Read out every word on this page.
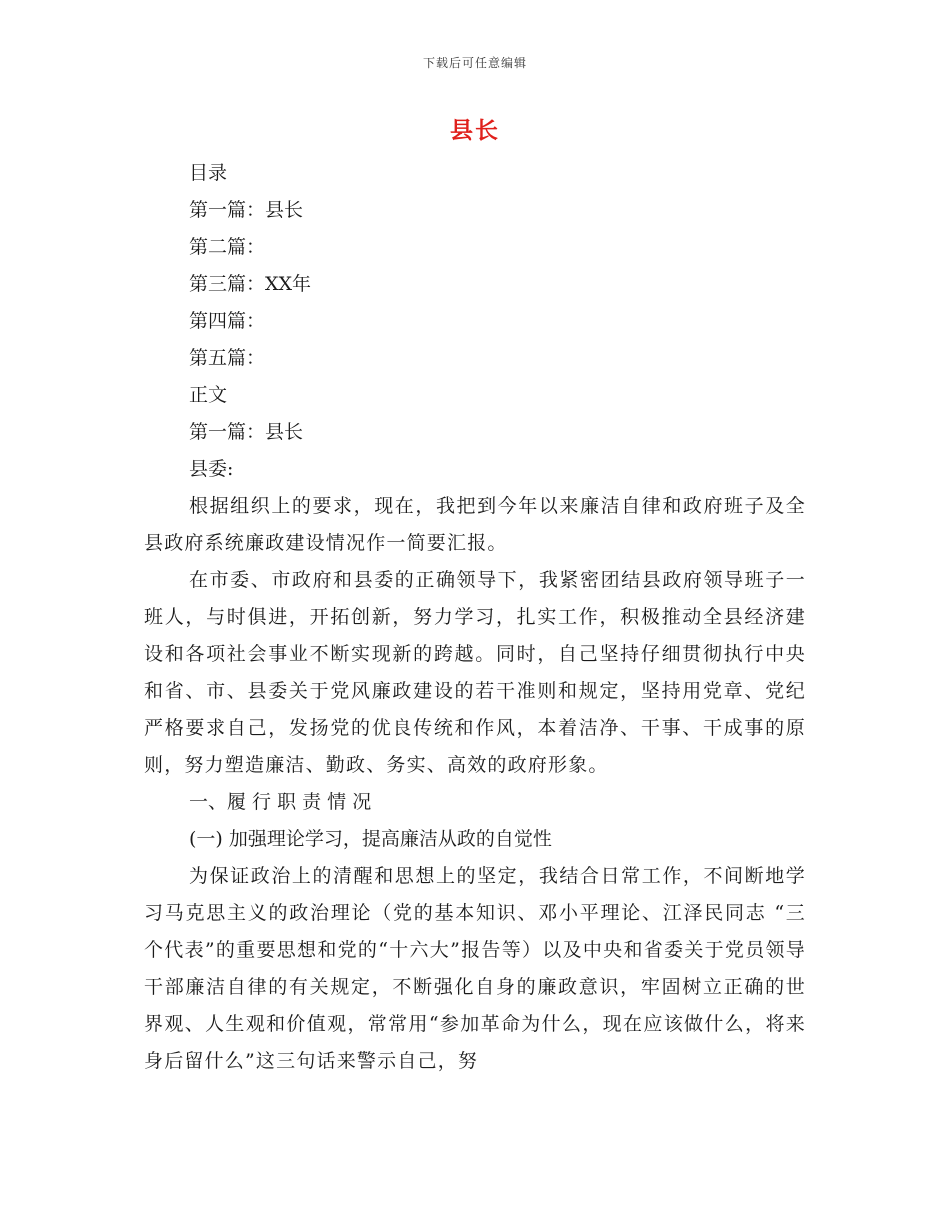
下载后可任意编辑
县长

目录

第一篇：县长

第二篇：

第三篇：XX年

第四篇：

第五篇：

正文

第一篇：县长

县委:

根据组织上的要求，现在，我把到今年以来廉洁自律和政府班子及全县政府系统廉政建设情况作一简要汇报。

在市委、市政府和县委的正确领导下，我紧密团结县政府领导班子一班人，与时俱进，开拓创新，努力学习，扎实工作，积极推动全县经济建设和各项社会事业不断实现新的跨越。同时，自己坚持仔细贯彻执行中央和省、市、县委关于党风廉政建设的若干准则和规定，坚持用党章、党纪严格要求自己，发扬党的优良传统和作风，本着洁净、干事、干成事的原则，努力塑造廉洁、勤政、务实、高效的政府形象。

一、履 行 职 责 情 况

(一) 加强理论学习，提高廉洁从政的自觉性

为保证政治上的清醒和思想上的坚定，我结合日常工作，不间断地学习马克思主义的政治理论（党的基本知识、邓小平理论、江泽民同志 “三个代表”的重要思想和党的“十六大”报告等）以及中央和省委关于党员领导干部廉洁自律的有关规定，不断强化自身的廉政意识，牢固树立正确的世界观、人生观和价值观，常常用“参加革命为什么，现在应该做什么，将来身后留什么”这三句话来警示自己，努
